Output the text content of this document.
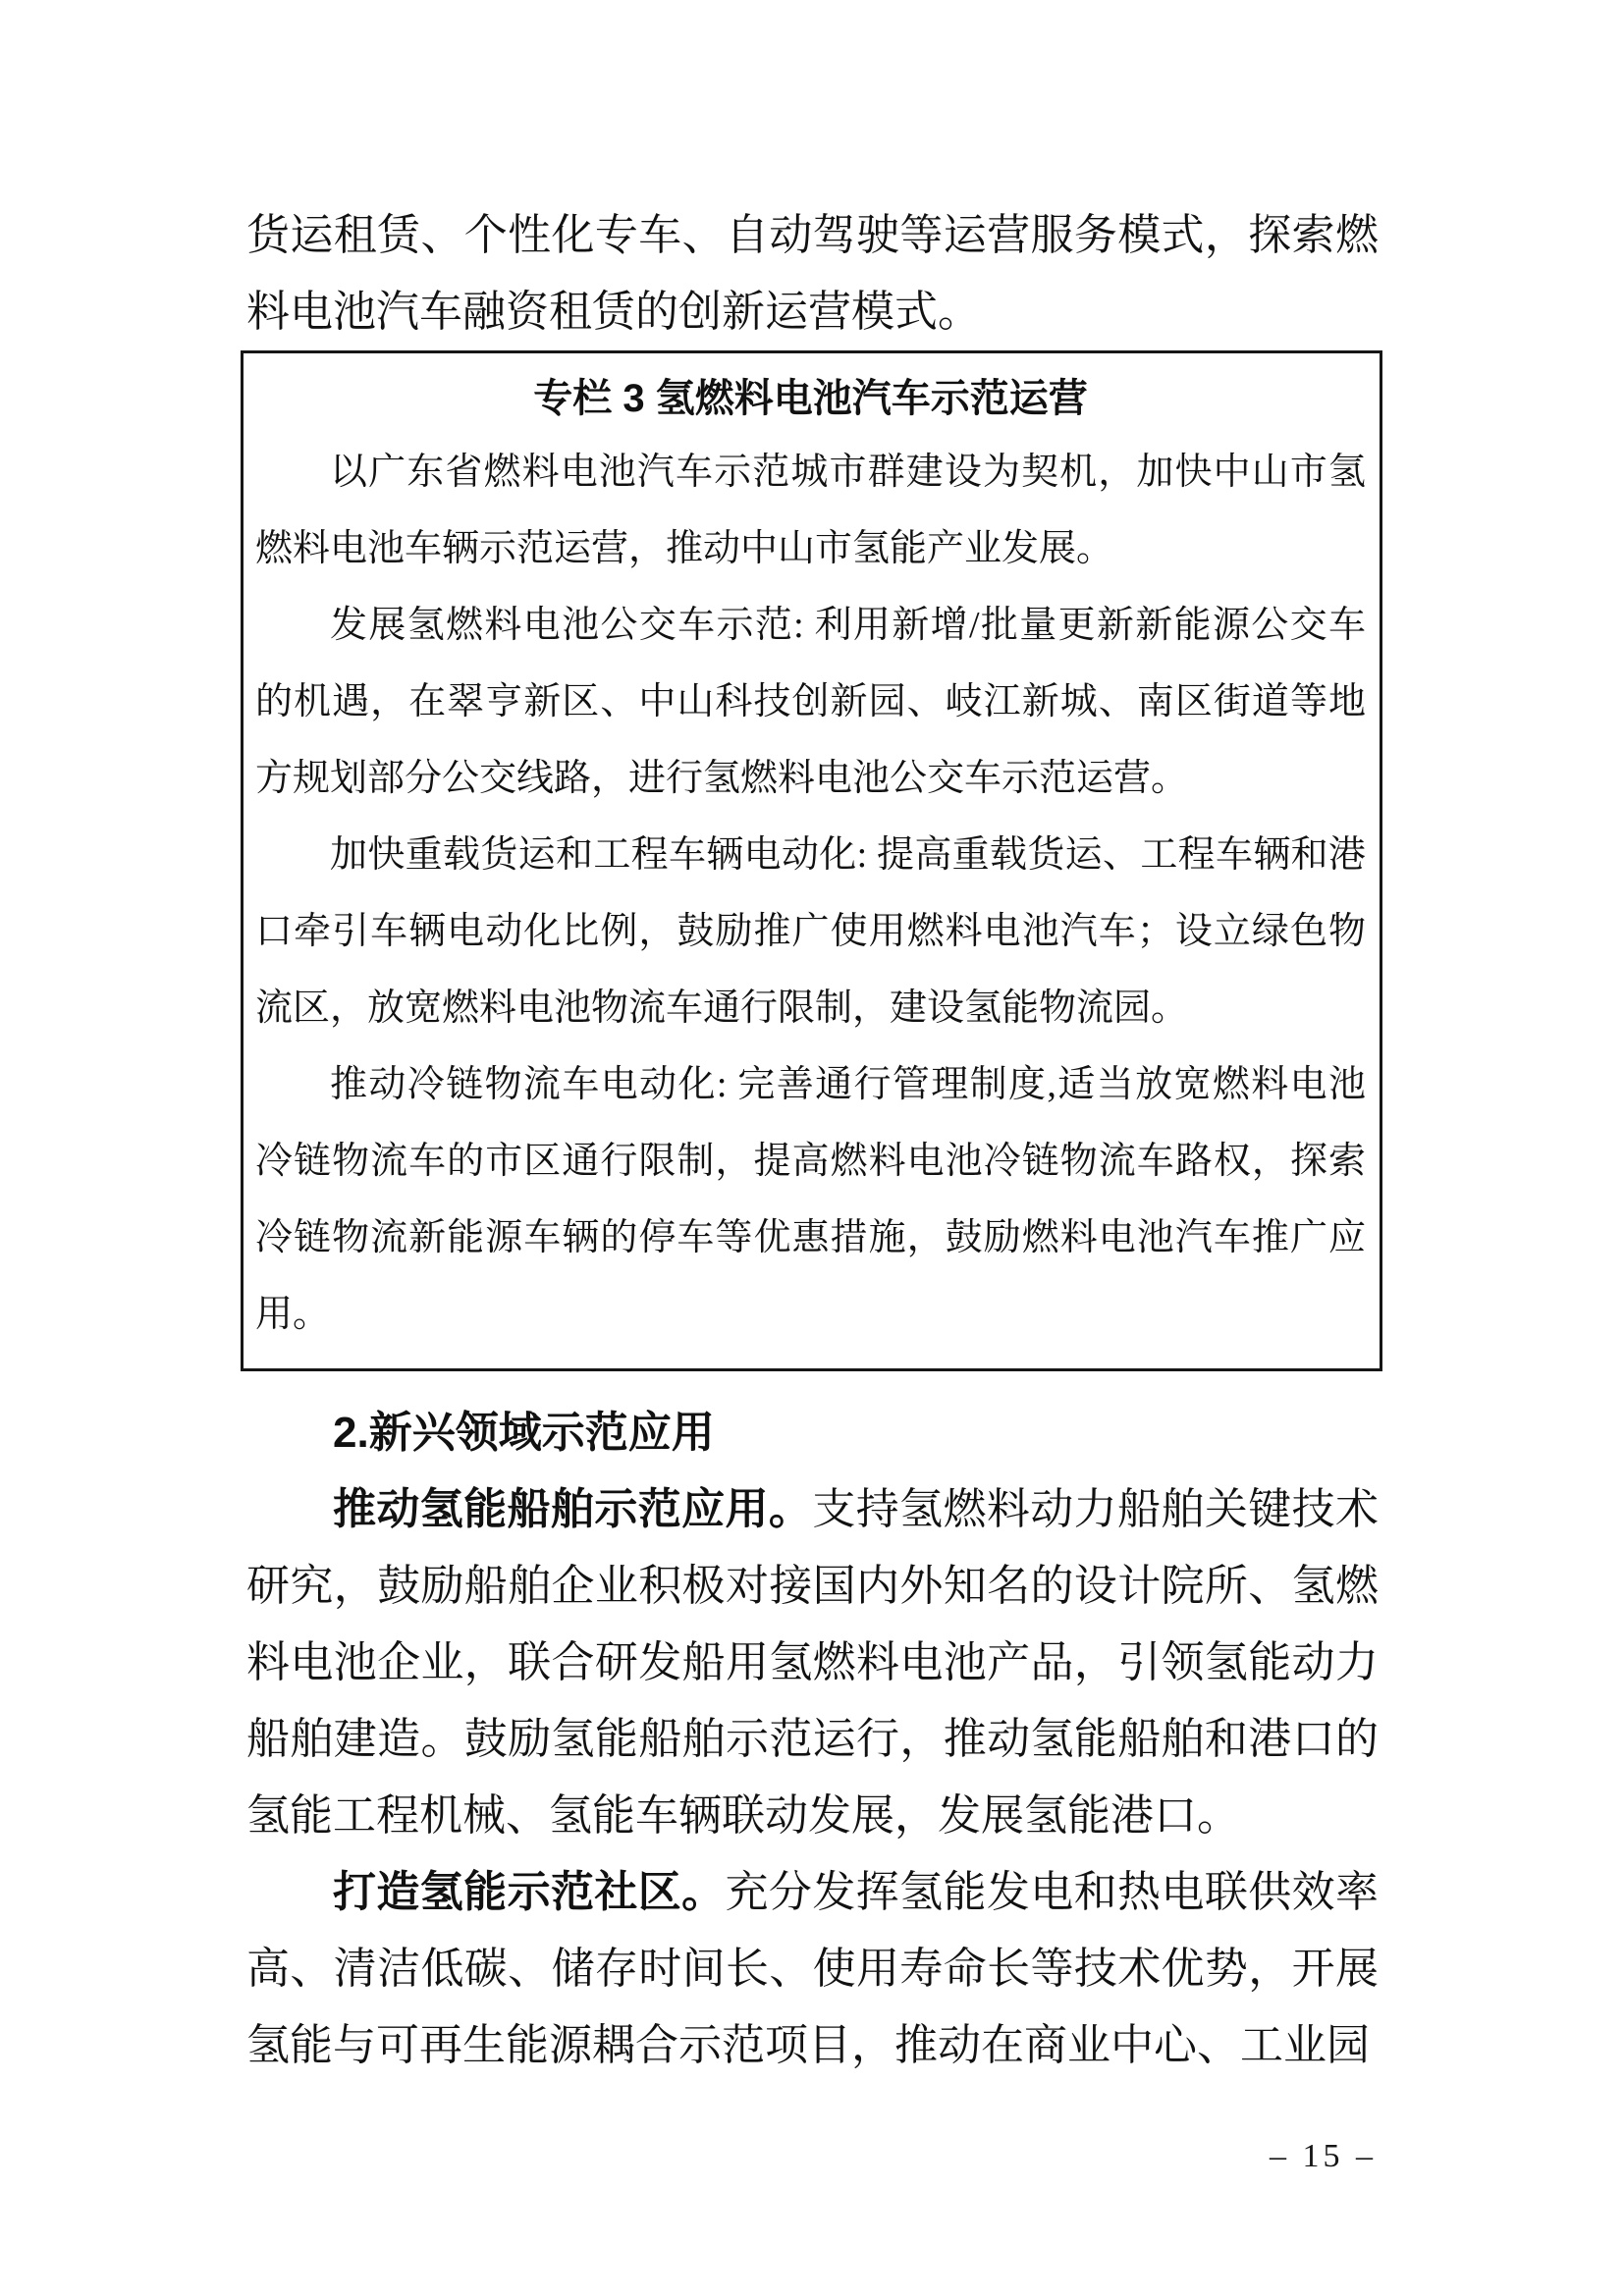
货运租赁、个性化专车、自动驾驶等运营服务模式，探索燃料电池汽车融资租赁的创新运营模式。

专栏 3 氢燃料电池汽车示范运营

以广东省燃料电池汽车示范城市群建设为契机，加快中山市氢燃料电池车辆示范运营，推动中山市氢能产业发展。

发展氢燃料电池公交车示范: 利用新增/批量更新新能源公交车的机遇，在翠亨新区、中山科技创新园、岐江新城、南区街道等地方规划部分公交线路，进行氢燃料电池公交车示范运营。

加快重载货运和工程车辆电动化: 提高重载货运、工程车辆和港口牵引车辆电动化比例，鼓励推广使用燃料电池汽车；设立绿色物流区，放宽燃料电池物流车通行限制，建设氢能物流园。

推动冷链物流车电动化: 完善通行管理制度,适当放宽燃料电池冷链物流车的市区通行限制，提高燃料电池冷链物流车路权，探索冷链物流新能源车辆的停车等优惠措施，鼓励燃料电池汽车推广应用。

2.新兴领域示范应用

推动氢能船舶示范应用。支持氢燃料动力船舶关键技术研究，鼓励船舶企业积极对接国内外知名的设计院所、氢燃料电池企业，联合研发船用氢燃料电池产品，引领氢能动力船舶建造。鼓励氢能船舶示范运行，推动氢能船舶和港口的氢能工程机械、氢能车辆联动发展，发展氢能港口。

打造氢能示范社区。充分发挥氢能发电和热电联供效率高、清洁低碳、储存时间长、使用寿命长等技术优势，开展氢能与可再生能源耦合示范项目，推动在商业中心、工业园

– 15 –
